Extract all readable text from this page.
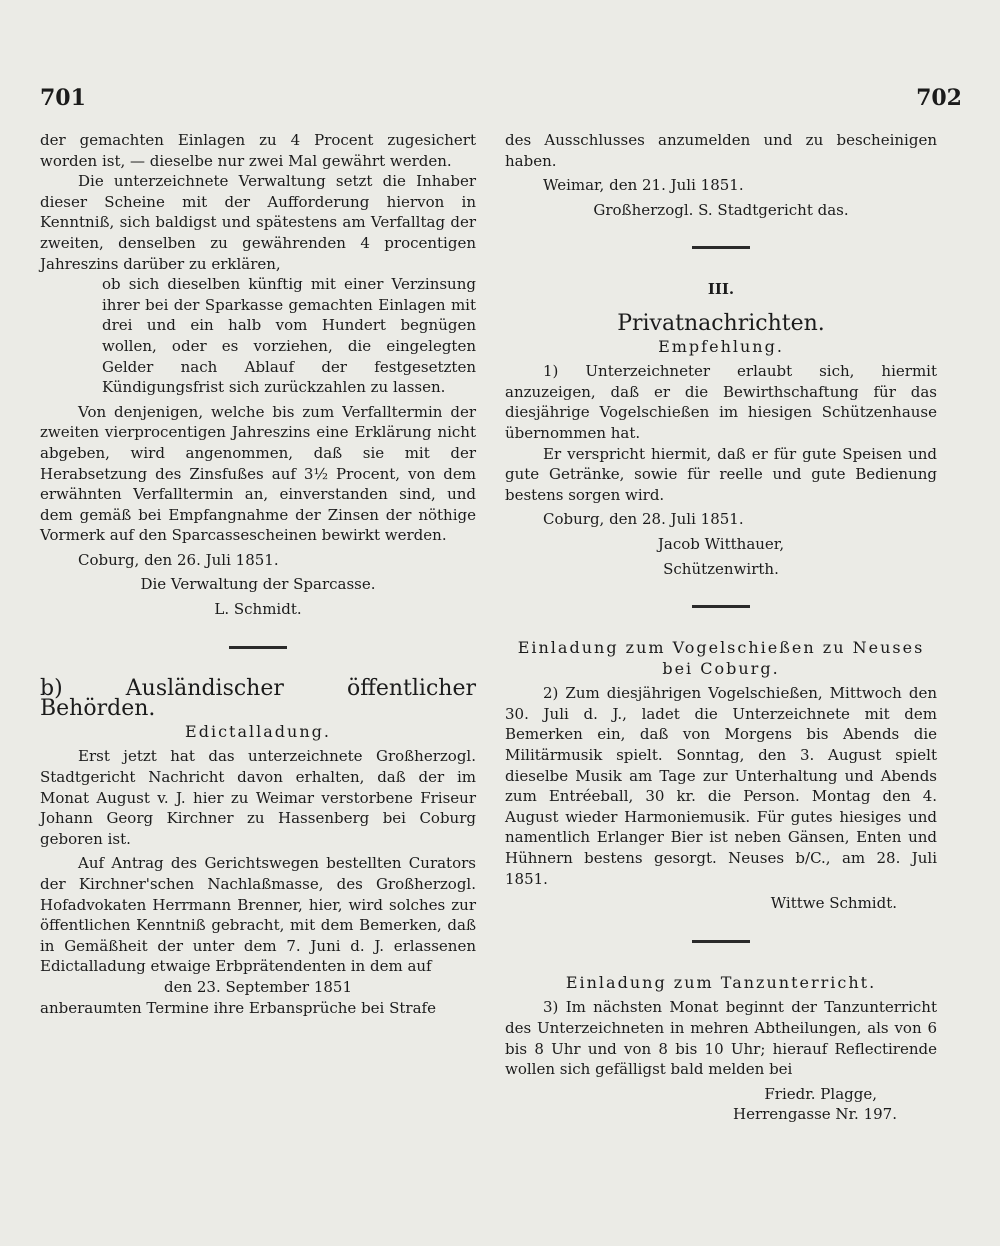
701	702

der gemachten Einlagen zu 4 Procent zugesichert worden ist, — dieselbe nur zwei Mal gewährt werden.

Die unterzeichnete Verwaltung setzt die Inhaber dieser Scheine mit der Aufforderung hiervon in Kenntniß, sich baldigst und spätestens am Verfalltag der zweiten, denselben zu gewährenden 4 procentigen Jahreszins darüber zu erklären,

ob sich dieselben künftig mit einer Verzinsung ihrer bei der Sparkasse gemachten Einlagen mit drei und ein halb vom Hundert begnügen wollen, oder es vorziehen, die eingelegten Gelder nach Ablauf der festgesetzten Kündigungsfrist sich zurückzahlen zu lassen.

Von denjenigen, welche bis zum Verfalltermin der zweiten vierprocentigen Jahreszins eine Erklärung nicht abgeben, wird angenommen, daß sie mit der Herabsetzung des Zinsfußes auf 3½ Procent, von dem erwähnten Verfalltermin an, einverstanden sind, und dem gemäß bei Empfangnahme der Zinsen der nöthige Vormerk auf den Sparcassescheinen bewirkt werden.

Coburg, den 26. Juli 1851.

Die Verwaltung der Sparcasse.

L. Schmidt.

b) Ausländischer öffentlicher Behörden.

Edictalladung.

Erst jetzt hat das unterzeichnete Großherzogl. Stadtgericht Nachricht davon erhalten, daß der im Monat August v. J. hier zu Weimar verstorbene Friseur Johann Georg Kirchner zu Hassenberg bei Coburg geboren ist.

Auf Antrag des Gerichtswegen bestellten Curators der Kirchner'schen Nachlaßmasse, des Großherzogl. Hofadvokaten Herrmann Brenner, hier, wird solches zur öffentlichen Kenntniß gebracht, mit dem Bemerken, daß in Gemäßheit der unter dem 7. Juni d. J. erlassenen Edictalladung etwaige Erbprätendenten in dem auf

den 23. September 1851

anberaumten Termine ihre Erbansprüche bei Strafe

des Ausschlusses anzumelden und zu bescheinigen haben.

Weimar, den 21. Juli 1851.

Großherzogl. S. Stadtgericht das.

III.

Privatnachrichten.

Empfehlung.

1) Unterzeichneter erlaubt sich, hiermit anzuzeigen, daß er die Bewirthschaftung für das diesjährige Vogelschießen im hiesigen Schützenhause übernommen hat.

Er verspricht hiermit, daß er für gute Speisen und gute Getränke, sowie für reelle und gute Bedienung bestens sorgen wird.

Coburg, den 28. Juli 1851.

Jacob Witthauer,

Schützenwirth.

Einladung zum Vogelschießen zu Neuses bei Coburg.

2) Zum diesjährigen Vogelschießen, Mittwoch den 30. Juli d. J., ladet die Unterzeichnete mit dem Bemerken ein, daß von Morgens bis Abends die Militärmusik spielt. Sonntag, den 3. August spielt dieselbe Musik am Tage zur Unterhaltung und Abends zum Entréeball, 30 kr. die Person. Montag den 4. August wieder Harmoniemusik. Für gutes hiesiges und namentlich Erlanger Bier ist neben Gänsen, Enten und Hühnern bestens gesorgt. Neuses b/C., am 28. Juli 1851.

Wittwe Schmidt.

Einladung zum Tanzunterricht.

3) Im nächsten Monat beginnt der Tanzunterricht des Unterzeichneten in mehren Abtheilungen, als von 6 bis 8 Uhr und von 8 bis 10 Uhr; hierauf Reflectirende wollen sich gefälligst bald melden bei

Friedr. Plagge,

Herrengasse Nr. 197.
